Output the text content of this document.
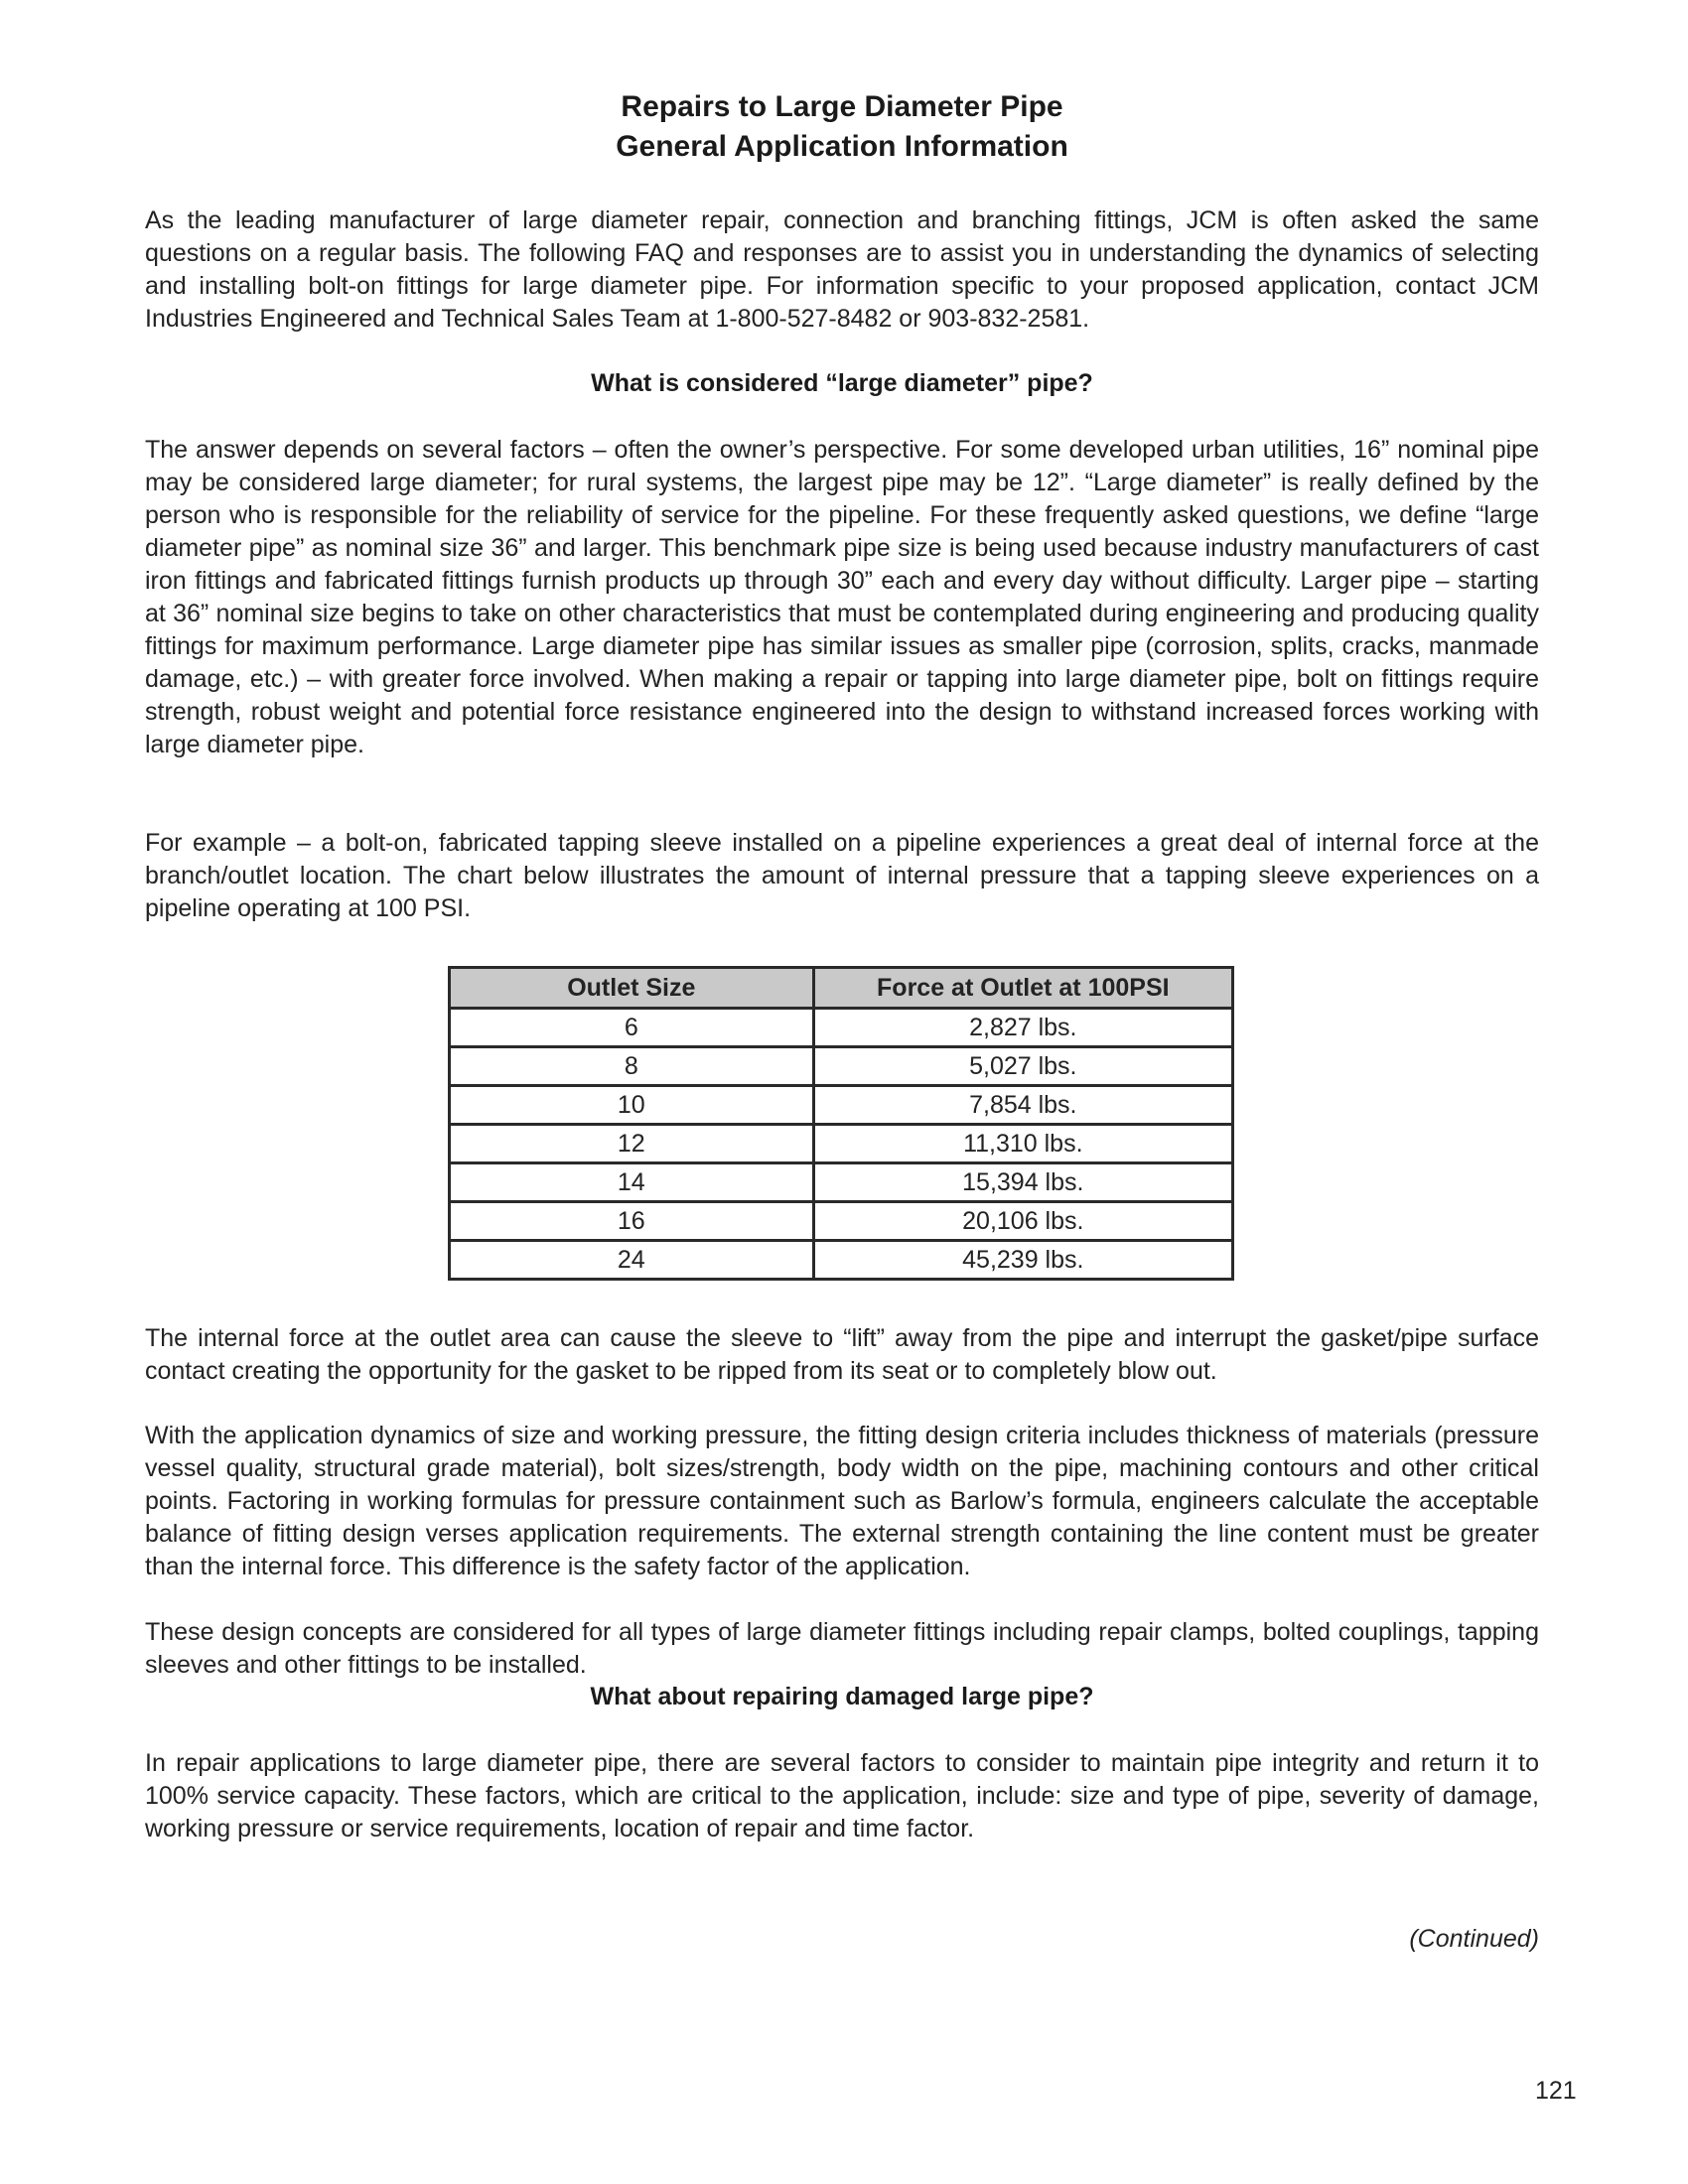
Repairs to Large Diameter Pipe
General Application Information

As the leading manufacturer of large diameter repair, connection and branching fittings, JCM is often asked the same questions on a regular basis. The following FAQ and responses are to assist you in understanding the dynamics of selecting and installing bolt-on fittings for large diameter pipe. For information specific to your proposed application, contact JCM Industries Engineered and Technical Sales Team at 1-800-527-8482 or 903-832-2581.

What is considered “large diameter” pipe?

The answer depends on several factors – often the owner’s perspective. For some developed urban utilities, 16” nominal pipe may be considered large diameter; for rural systems, the largest pipe may be 12”. “Large diameter” is really defined by the person who is responsible for the reliability of service for the pipeline. For these frequently asked questions, we define “large diameter pipe” as nominal size 36” and larger. This benchmark pipe size is being used because industry manufacturers of cast iron fittings and fabricated fittings furnish products up through 30” each and every day without difficulty. Larger pipe – starting at 36” nominal size begins to take on other characteristics that must be contemplated during engineering and producing quality fittings for maximum performance. Large diameter pipe has similar issues as smaller pipe (corrosion, splits, cracks, manmade damage, etc.) – with greater force involved. When making a repair or tapping into large diameter pipe, bolt on fittings require strength, robust weight and potential force resistance engineered into the design to withstand increased forces working with large diameter pipe.

For example – a bolt-on, fabricated tapping sleeve installed on a pipeline experiences a great deal of internal force at the branch/outlet location. The chart below illustrates the amount of internal pressure that a tapping sleeve experiences on a pipeline operating at 100 PSI.

Outlet Size	Force at Outlet at 100PSI
6	2,827 lbs.
8	5,027 lbs.
10	7,854 lbs.
12	11,310 lbs.
14	15,394 lbs.
16	20,106 lbs.
24	45,239 lbs.

The internal force at the outlet area can cause the sleeve to “lift” away from the pipe and interrupt the gasket/pipe surface contact creating the opportunity for the gasket to be ripped from its seat or to completely blow out.

With the application dynamics of size and working pressure, the fitting design criteria includes thickness of materials (pressure vessel quality, structural grade material), bolt sizes/strength, body width on the pipe, machining contours and other critical points. Factoring in working formulas for pressure containment such as Barlow’s formula, engineers calculate the acceptable balance of fitting design verses application requirements. The external strength containing the line content must be greater than the internal force. This difference is the safety factor of the application.

These design concepts are considered for all types of large diameter fittings including repair clamps, bolted couplings, tapping sleeves and other fittings to be installed.

What about repairing damaged large pipe?

In repair applications to large diameter pipe, there are several factors to consider to maintain pipe integrity and return it to 100% service capacity. These factors, which are critical to the application, include: size and type of pipe, severity of damage, working pressure or service requirements, location of repair and time factor.

(Continued)
121
